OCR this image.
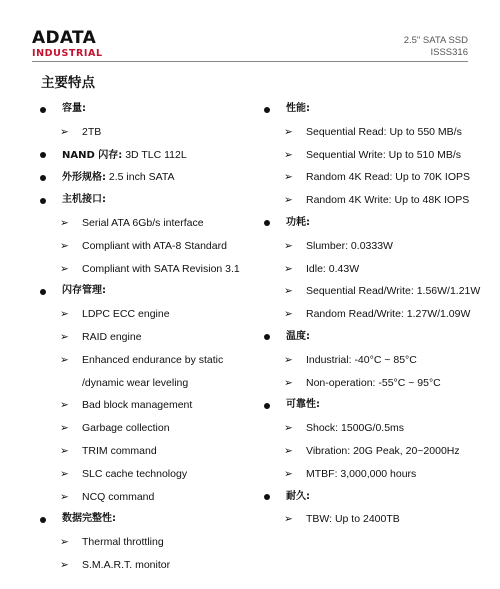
ADATA
INDUSTRIAL
2.5" SATA SSD
ISSS316
主要特点
容量:
➢ 2TB
NAND 闪存: 3D TLC 112L
外形规格: 2.5 inch SATA
主机接口:
➢ Serial ATA 6Gb/s interface
➢ Compliant with ATA-8 Standard
➢ Compliant with SATA Revision 3.1
闪存管理:
➢ LDPC ECC engine
➢ RAID engine
➢ Enhanced endurance by static
/dynamic wear leveling
➢ Bad block management
➢ Garbage collection
➢ TRIM command
➢ SLC cache technology
➢ NCQ command
数据完整性:
➢ Thermal throttling
➢ S.M.A.R.T. monitor
性能:
➢ Sequential Read: Up to 550 MB/s
➢ Sequential Write: Up to 510 MB/s
➢ Random 4K Read: Up to 70K IOPS
➢ Random 4K Write: Up to 48K IOPS
功耗:
➢ Slumber: 0.0333W
➢ Idle: 0.43W
➢ Sequential Read/Write: 1.56W/1.21W
➢ Random Read/Write: 1.27W/1.09W
温度:
➢ Industrial: -40°C ~ 85°C
➢ Non-operation: -55°C ~ 95°C
可靠性:
➢ Shock: 1500G/0.5ms
➢ Vibration: 20G Peak, 20~2000Hz
➢ MTBF: 3,000,000 hours
耐久:
➢ TBW: Up to 2400TB
